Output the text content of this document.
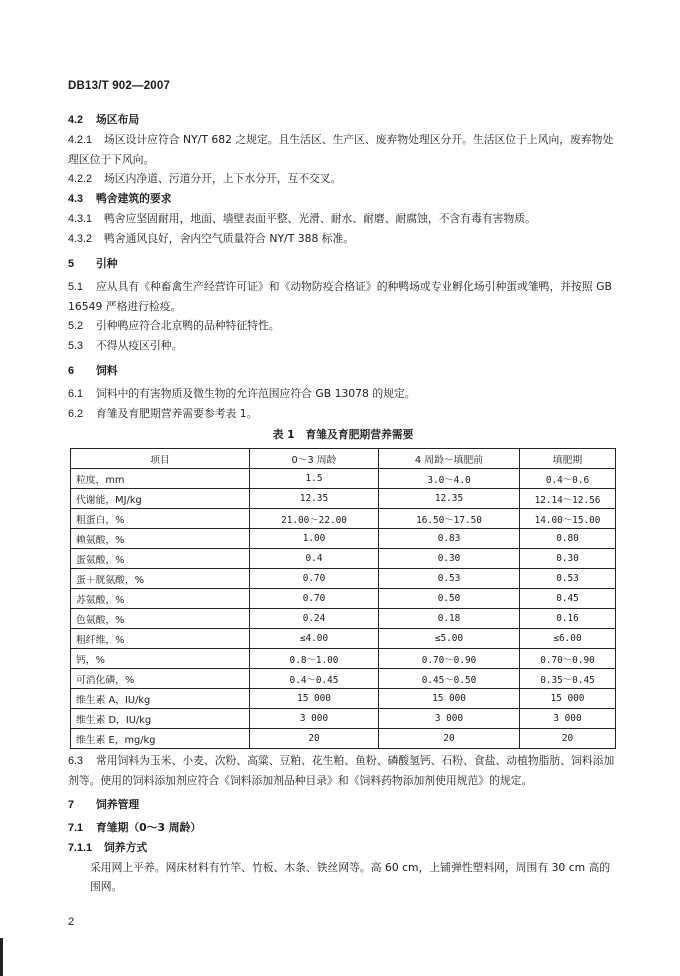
DB13/T 902—2007

4.2 场区布局

4.2.1 场区设计应符合 NY/T 682 之规定。且生活区、生产区、废弃物处理区分开。生活区位于上风向，废弃物处理区位于下风向。

4.2.2 场区内净道、污道分开，上下水分开，互不交叉。

4.3 鸭舍建筑的要求

4.3.1 鸭舍应坚固耐用，地面、墙壁表面平整、光滑、耐水、耐磨、耐腐蚀，不含有毒有害物质。

4.3.2 鸭舍通风良好，舍内空气质量符合 NY/T 388 标准。

5 引种

5.1 应从具有《种畜禽生产经营许可证》和《动物防疫合格证》的种鸭场或专业孵化场引种蛋或雏鸭，并按照 GB 16549 严格进行检疫。

5.2 引种鸭应符合北京鸭的品种特征特性。

5.3 不得从疫区引种。

6 饲料

6.1 饲料中的有害物质及微生物的允许范围应符合 GB 13078 的规定。

6.2 育雏及育肥期营养需要参考表 1。

表 1　育雏及育肥期营养需要
项目	0～3 周龄	4 周龄～填肥前	填肥期
粒度，mm	1.5	3.0～4.0	0.4～0.6
代谢能，MJ/kg	12.35	12.35	12.14～12.56
粗蛋白，%	21.00～22.00	16.50～17.50	14.00～15.00
赖氨酸，%	1.00	0.83	0.80
蛋氨酸，%	0.4	0.30	0.30
蛋＋胱氨酸，%	0.70	0.53	0.53
苏氨酸，%	0.70	0.50	0.45
色氨酸，%	0.24	0.18	0.16
粗纤维，%	≤4.00	≤5.00	≤6.00
钙，%	0.8～1.00	0.70～0.90	0.70～0.90
可消化磷，%	0.4～0.45	0.45～0.50	0.35～0.45
维生素 A，IU/kg	15 000	15 000	15 000
维生素 D，IU/kg	3 000	3 000	3 000
维生素 E，mg/kg	20	20	20

6.3 常用饲料为玉米、小麦、次粉、高粱、豆粕、花生粕、鱼粉、磷酸氢钙、石粉、食盐、动植物脂肪、饲料添加剂等。使用的饲料添加剂应符合《饲料添加剂品种目录》和《饲料药物添加剂使用规范》的规定。

7 饲养管理

7.1 育雏期（0～3 周龄）

7.1.1 饲养方式

采用网上平养。网床材料有竹竿、竹板、木条、铁丝网等。高 60 cm，上铺弹性塑料网，周围有 30 cm 高的围网。

2
